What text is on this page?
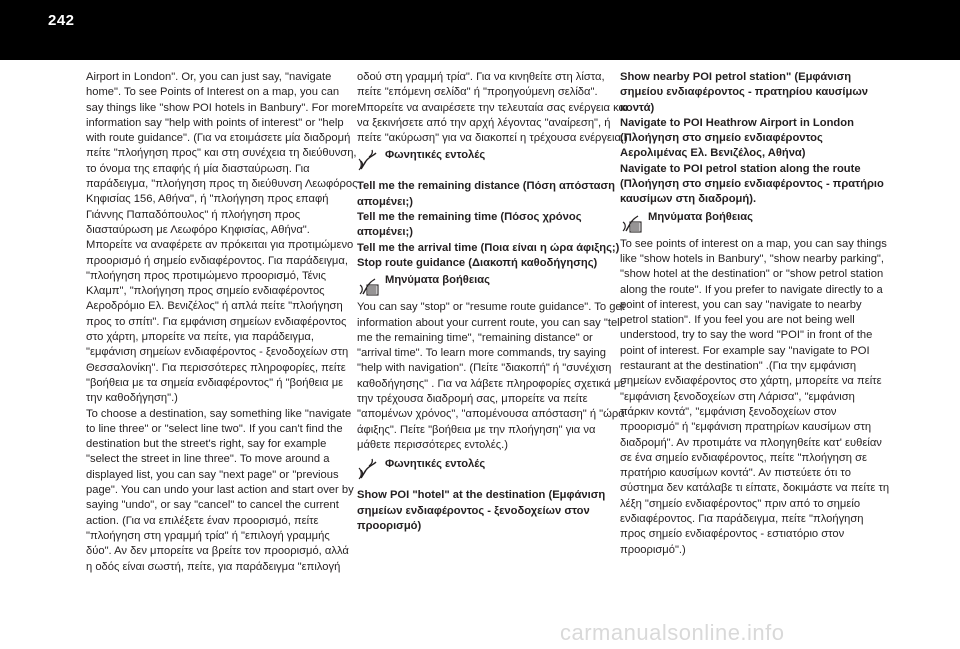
242

Airport in London". Or, you can just say, "navigate home". To see Points of Interest on a map, you can say things like "show POI hotels in Banbury". For more information say "help with points of interest" or "help with route guidance". (Για να ετοιμάσετε μία διαδρομή πείτε "πλοήγηση προς" και στη συνέχεια τη διεύθυνση, το όνομα της επαφής ή μία διασταύρωση. Για παράδειγμα, "πλοήγηση προς τη διεύθυνση Λεωφόρος Κηφισίας 156, Αθήνα", ή "πλοήγηση προς επαφή Γιάννης Παπαδόπουλος" ή πλοήγηση προς διασταύρωση με Λεωφόρο Κηφισίας, Αθήνα". Μπορείτε να αναφέρετε αν πρόκειται για προτιμώμενο προορισμό ή σημείο ενδιαφέροντος. Για παράδειγμα, "πλοήγηση προς προτιμώμενο προορισμό, Τένις Κλαμπ", "πλοήγηση προς σημείο ενδιαφέροντος Αεροδρόμιο Ελ. Βενιζέλος" ή απλά πείτε "πλοήγηση προς το σπίτι". Για εμφάνιση σημείων ενδιαφέροντος στο χάρτη, μπορείτε να πείτε, για παράδειγμα, "εμφάνιση σημείων ενδιαφέροντος - ξενοδοχείων στη Θεσσαλονίκη". Για περισσότερες πληροφορίες, πείτε "βοήθεια με τα σημεία ενδιαφέροντος" ή "βοήθεια με την καθοδήγηση".)

To choose a destination, say something like "navigate to line three" or "select line two". If you can't find the destination but the street's right, say for example "select the street in line three". To move around a displayed list, you can say "next page" or "previous page". You can undo your last action and start over by saying "undo", or say "cancel" to cancel the current action. (Για να επιλέξετε έναν προορισμό, πείτε "πλοήγηση στη γραμμή τρία" ή "επιλογή γραμμής δύο". Αν δεν μπορείτε να βρείτε τον προορισμό, αλλά η οδός είναι σωστή, πείτε, για παράδειγμα "επιλογή

οδού στη γραμμή τρία". Για να κινηθείτε στη λίστα, πείτε "επόμενη σελίδα" ή "προηγούμενη σελίδα". Μπορείτε να αναιρέσετε την τελευταία σας ενέργεια και να ξεκινήσετε από την αρχή λέγοντας "αναίρεση", ή πείτε "ακύρωση" για να διακοπεί η τρέχουσα ενέργεια.)

Φωνητικές εντολές

Tell me the remaining distance (Πόση απόσταση απομένει;)

Tell me the remaining time (Πόσος χρόνος απομένει;)

Tell me the arrival time (Ποια είναι η ώρα άφιξης;)

Stop route guidance (Διακοπή καθοδήγησης)

Μηνύματα βοήθειας

You can say "stop" or "resume route guidance". To get information about your current route, you can say "tell me the remaining time", "remaining distance" or "arrival time". To learn more commands, try saying "help with navigation". (Πείτε "διακοπή" ή "συνέχιση καθοδήγησης" . Για να λάβετε πληροφορίες σχετικά με την τρέχουσα διαδρομή σας, μπορείτε να πείτε "απομένων χρόνος", "απομένουσα απόσταση" ή "ώρα άφιξης". Πείτε "βοήθεια με την πλοήγηση" για να μάθετε περισσότερες εντολές.)

Φωνητικές εντολές

Show POI "hotel" at the destination (Εμφάνιση σημείων ενδιαφέροντος - ξενοδοχείων στον προορισμό)

Show nearby POI petrol station" (Εμφάνιση σημείου ενδιαφέροντος - πρατηρίου καυσίμων κοντά)

Navigate to POI Heathrow Airport in London (Πλοήγηση στο σημείο ενδιαφέροντος Αερολιμένας Ελ. Βενιζέλος, Αθήνα)

Navigate to POI petrol station along the route (Πλοήγηση στο σημείο ενδιαφέροντος - πρατήριο καυσίμων στη διαδρομή).

Μηνύματα βοήθειας

To see points of interest on a map, you can say things like "show hotels in Banbury", "show nearby parking", "show hotel at the destination" or "show petrol station along the route". If you prefer to navigate directly to a point of interest, you can say "navigate to nearby petrol station". If you feel you are not being well understood, try to say the word "POI" in front of the point of interest. For example say "navigate to POI restaurant at the destination" .(Για την εμφάνιση σημείων ενδιαφέροντος στο χάρτη, μπορείτε να πείτε "εμφάνιση ξενοδοχείων στη Λάρισα", "εμφάνιση πάρκιν κοντά", "εμφάνιση ξενοδοχείων στον προορισμό" ή "εμφάνιση πρατηρίων καυσίμων στη διαδρομή". Αν προτιμάτε να πλοηγηθείτε κατ' ευθείαν σε ένα σημείο ενδιαφέροντος, πείτε "πλοήγηση σε πρατήριο καυσίμων κοντά". Αν πιστεύετε ότι το σύστημα δεν κατάλαβε τι είπατε, δοκιμάστε να πείτε τη λέξη "σημείο ενδιαφέροντος" πριν από το σημείο ενδιαφέροντος. Για παράδειγμα, πείτε "πλοήγηση προς σημείο ενδιαφέροντος - εστιατόριο στον προορισμό".)

carmanualsonline.info
